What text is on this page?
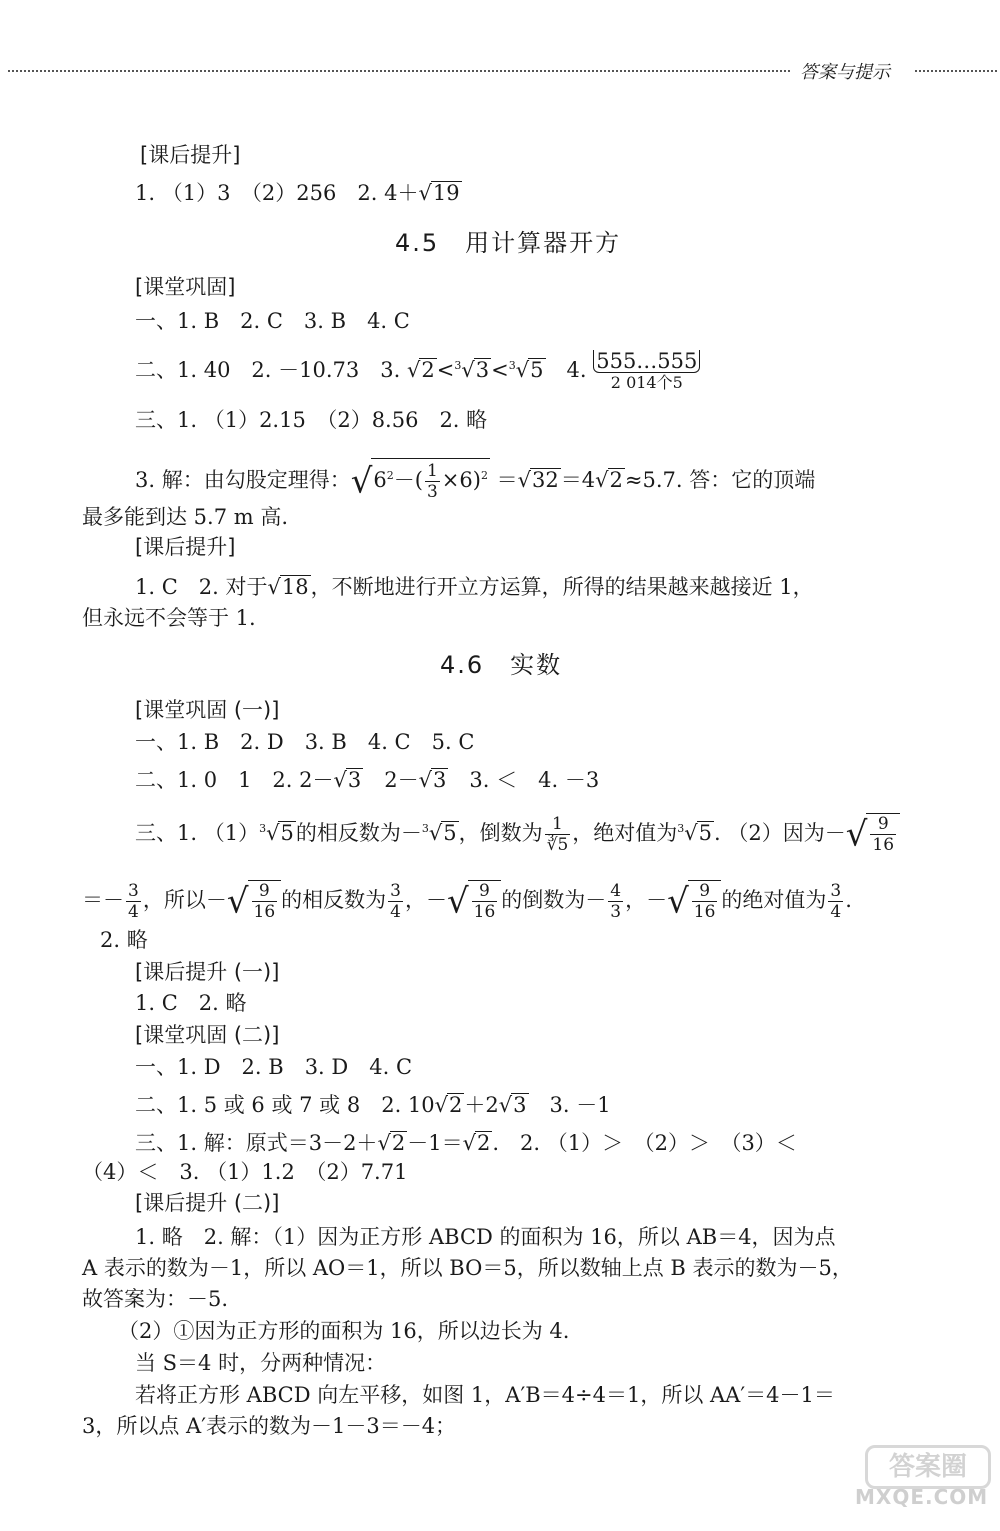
答案与提示
[课后提升]
1. （1）3　（2）256　2. 4＋√19
4.5　用计算器开方
[课堂巩固]
一、1. B　2. C　3. B　4. C
二、1. 40　2. －10.73　3. √2<$^3$√3<$^3$√5　4. 555…555
2 014个5
三、1. （1）2.15　（2）8.56　2. 略
3. 解：由勾股定理得：$√6^2-( \frac{1}{3} \times 6)^2 =√32=4√2\approx 5.7$. 答：它的顶端
最多能到达 5.7 m 高.
[课后提升]
1. C　2. 对于√18，不断地进行开立方运算，所得的结果越来越接近 1，
但永远不会等于 1.
4.6　实数
[课堂巩固 (一)]
一、1. B　2. D　3. B　4. C　5. C
二、1. 0　1　2. 2－√3　2－√3　3. ＜　4. －3
三、1. $(1)^3√5$的相反数为－$^3$√5，倒数为 $\frac{1}{∛5}$ ，绝对值为$^3$√5. （2）因为－√ $\frac{9}{16}$
＝－ $\frac{3}{4}$ ，所以－√ $\frac{9}{16}$ 的相反数为 $\frac{3}{4}$ ，－√ $\frac{9}{16}$ 的倒数为－ $\frac{4}{3}$ ，－√ $\frac{9}{16}$ 的绝对值为 $\frac{3}{4}$ .
2. 略
[课后提升 (一)]
1. C　2. 略
[课堂巩固 (二)]
一、1. D　2. B　3. D　4. C
二、1. 5 或 6 或 7 或 8　2. 10√2＋2√3　3. －1
三、1. 解：原式＝3－2＋√2－1＝√2.　2. （1）＞　（2）＞　（3）＜
（4）＜　3. （1）1.2　（2）7.71
[课后提升 (二)]
1. 略　2. 解：（1）因为正方形 ABCD 的面积为 16，所以 AB＝4，因为点
A 表示的数为－1，所以 AO＝1，所以 BO＝5，所以数轴上点 B 表示的数为－5，
故答案为：－5.
（2）①因为正方形的面积为 16，所以边长为 4.
当 S＝4 时，分两种情况：
若将正方形 ABCD 向左平移，如图 1，A′B＝4÷4＝1，所以 AA′＝4－1＝
3，所以点 A′表示的数为－1－3＝－4；
答案圈
MXQE.COM
